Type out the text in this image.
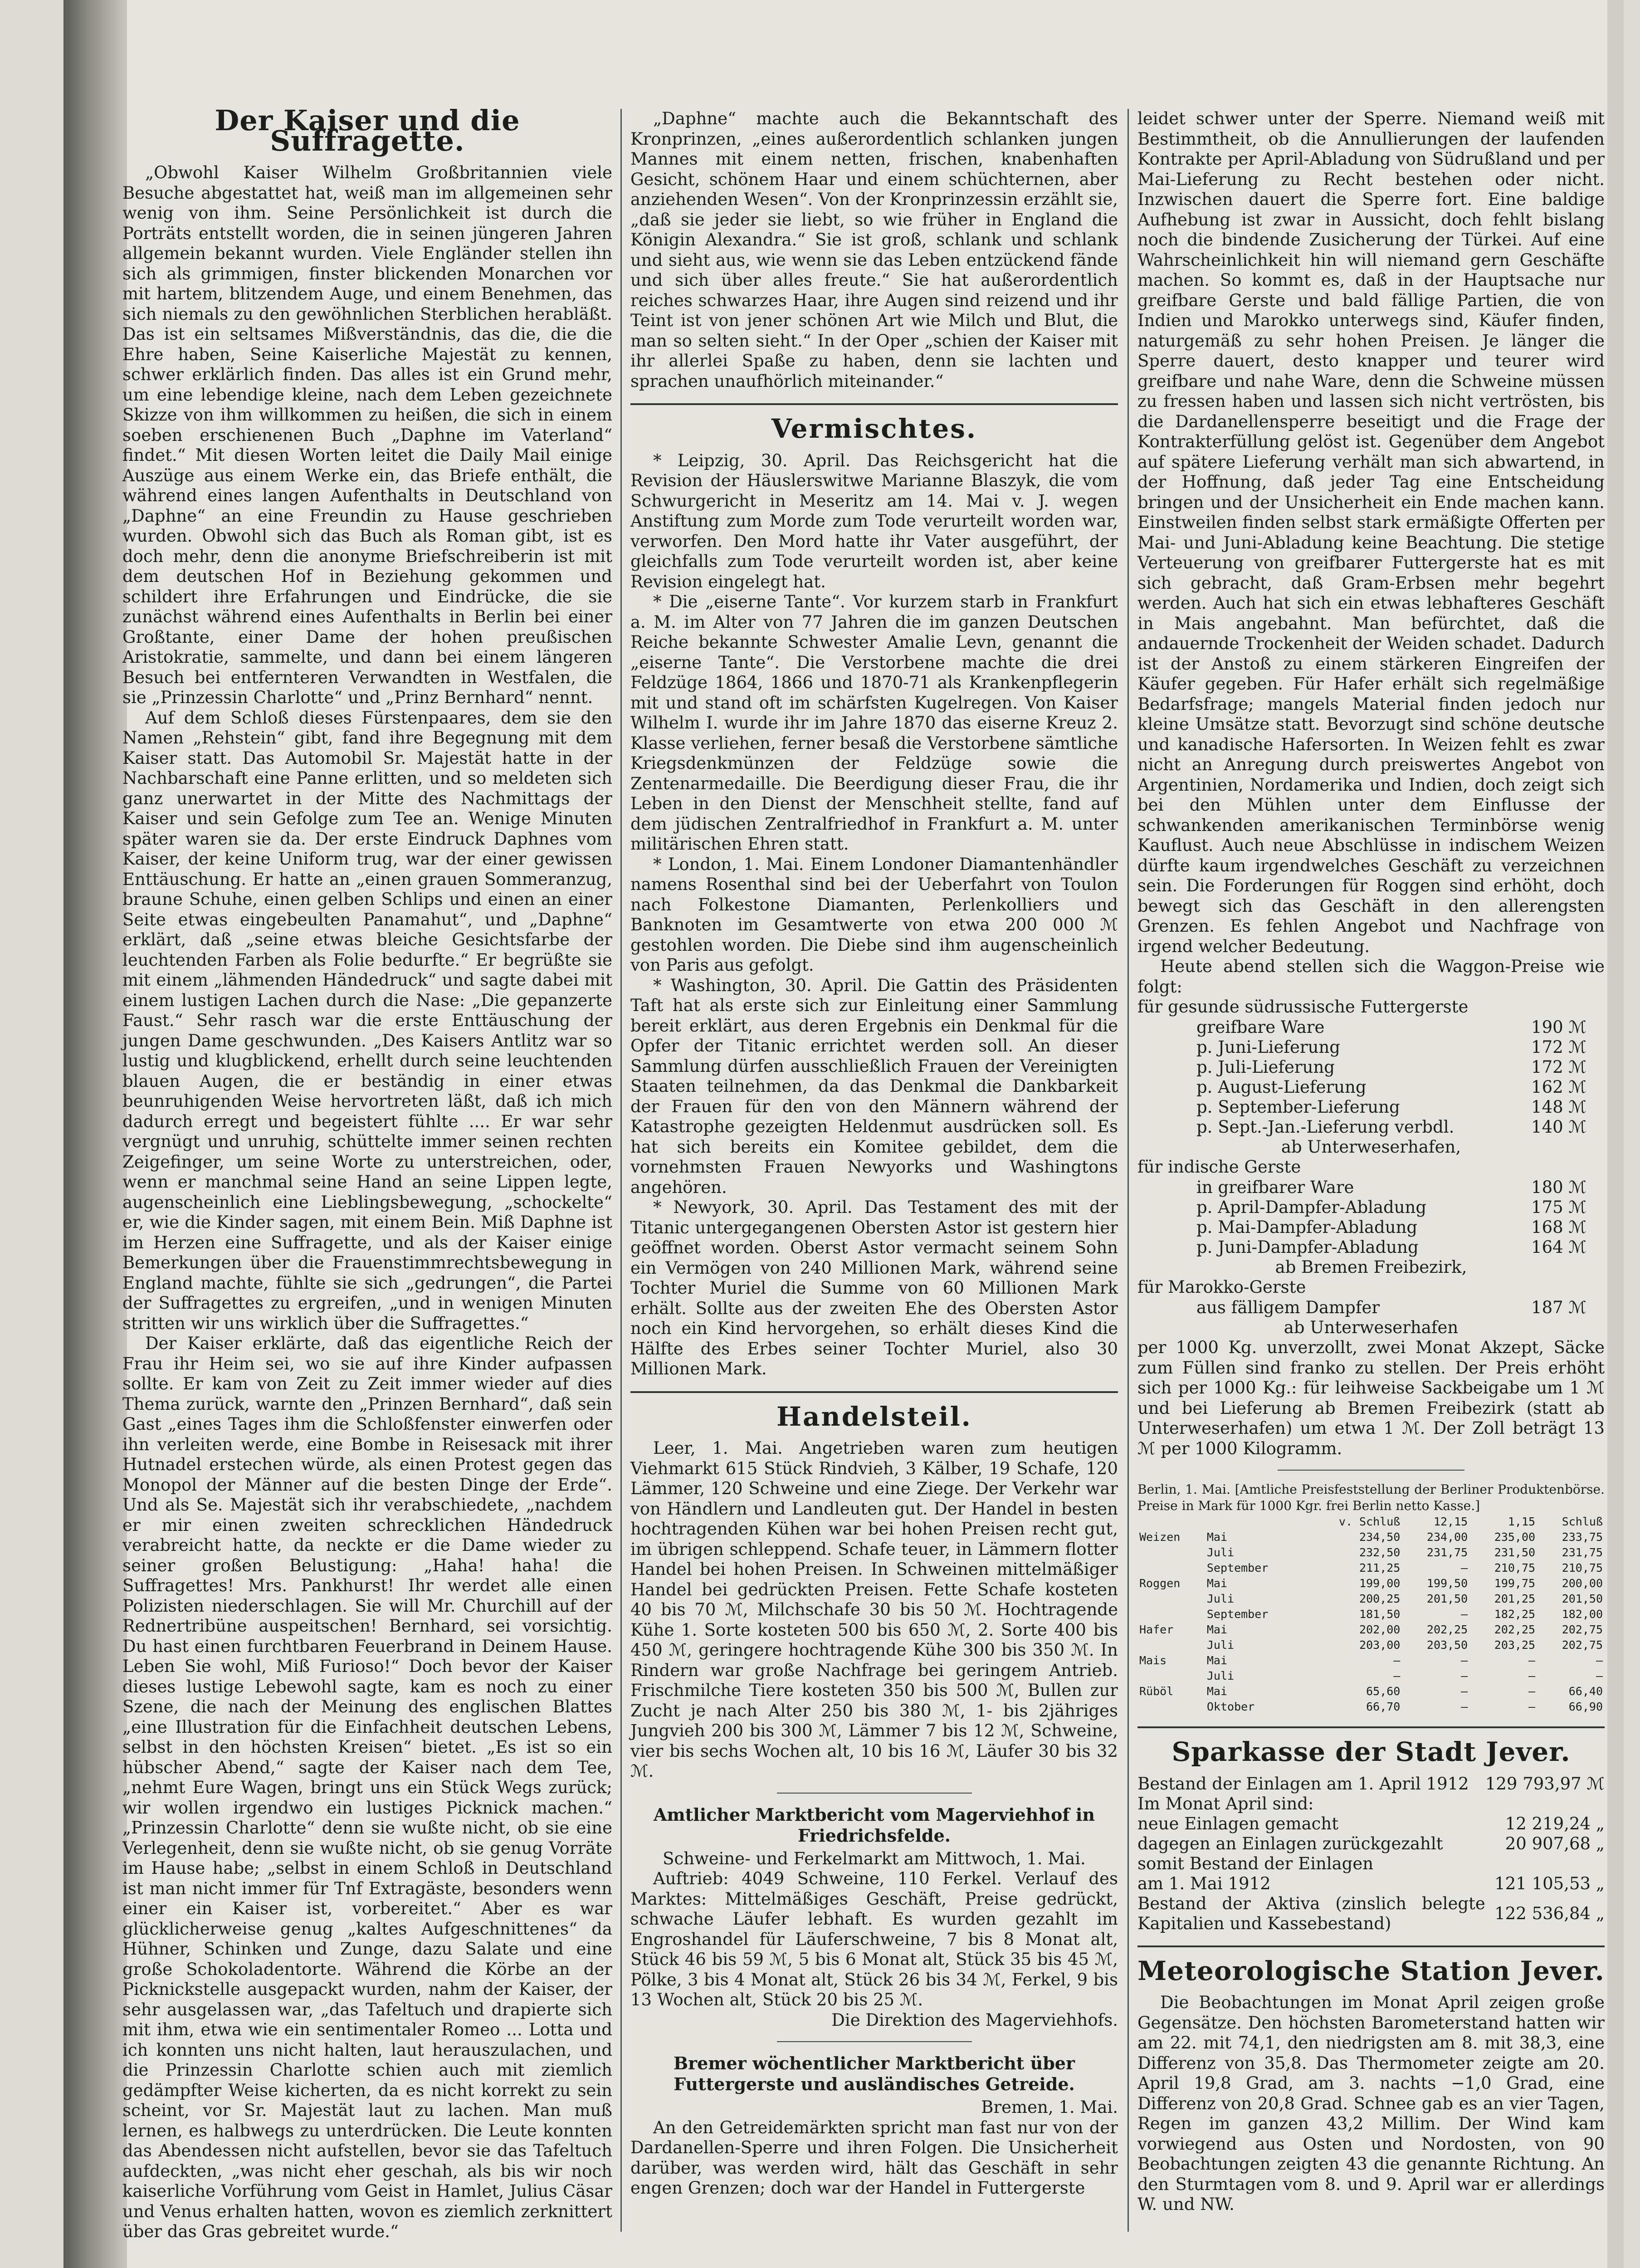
Der Kaiser und die Suffragette.

„Obwohl Kaiser Wilhelm Großbritannien viele Besuche abgestattet hat, weiß man im allgemeinen sehr wenig von ihm. Seine Persönlichkeit ist durch die Porträts entstellt worden, die in seinen jüngeren Jahren allgemein bekannt wurden. Viele Engländer stellen ihn sich als grimmigen, finster blickenden Monarchen vor mit hartem, blitzendem Auge, und einem Benehmen, das sich niemals zu den gewöhnlichen Sterblichen herabläßt. Das ist ein seltsames Mißverständnis, das die, die die Ehre haben, Seine Kaiserliche Majestät zu kennen, schwer erklärlich finden. Das alles ist ein Grund mehr, um eine lebendige kleine, nach dem Leben gezeichnete Skizze von ihm willkommen zu heißen, die sich in einem soeben erschienenen Buch „Daphne im Vaterland“ findet.“ Mit diesen Worten leitet die Daily Mail einige Auszüge aus einem Werke ein, das Briefe enthält, die während eines langen Aufenthalts in Deutschland von „Daphne“ an eine Freundin zu Hause geschrieben wurden. Obwohl sich das Buch als Roman gibt, ist es doch mehr, denn die anonyme Briefschreiberin ist mit dem deutschen Hof in Beziehung gekommen und schildert ihre Erfahrungen und Eindrücke, die sie zunächst während eines Aufenthalts in Berlin bei einer Großtante, einer Dame der hohen preußischen Aristokratie, sammelte, und dann bei einem längeren Besuch bei entfernteren Verwandten in Westfalen, die sie „Prinzessin Charlotte“ und „Prinz Bernhard“ nennt.

Auf dem Schloß dieses Fürstenpaares, dem sie den Namen „Rehstein“ gibt, fand ihre Begegnung mit dem Kaiser statt. Das Automobil Sr. Majestät hatte in der Nachbarschaft eine Panne erlitten, und so meldeten sich ganz unerwartet in der Mitte des Nachmittags der Kaiser und sein Gefolge zum Tee an. Wenige Minuten später waren sie da. Der erste Eindruck Daphnes vom Kaiser, der keine Uniform trug, war der einer gewissen Enttäuschung. Er hatte an „einen grauen Sommeranzug, braune Schuhe, einen gelben Schlips und einen an einer Seite etwas eingebeulten Panamahut“, und „Daphne“ erklärt, daß „seine etwas bleiche Gesichtsfarbe der leuchtenden Farben als Folie bedurfte.“ Er begrüßte sie mit einem „lähmenden Händedruck“ und sagte dabei mit einem lustigen Lachen durch die Nase: „Die gepanzerte Faust.“ Sehr rasch war die erste Enttäuschung der jungen Dame geschwunden. „Des Kaisers Antlitz war so lustig und klugblickend, erhellt durch seine leuchtenden blauen Augen, die er beständig in einer etwas beunruhigenden Weise hervortreten läßt, daß ich mich dadurch erregt und begeistert fühlte .... Er war sehr vergnügt und unruhig, schüttelte immer seinen rechten Zeigefinger, um seine Worte zu unterstreichen, oder, wenn er manchmal seine Hand an seine Lippen legte, augenscheinlich eine Lieblingsbewegung, „schockelte“ er, wie die Kinder sagen, mit einem Bein. Miß Daphne ist im Herzen eine Suffragette, und als der Kaiser einige Bemerkungen über die Frauenstimmrechtsbewegung in England machte, fühlte sie sich „gedrungen“, die Partei der Suffragettes zu ergreifen, „und in wenigen Minuten stritten wir uns wirklich über die Suffragettes.“

Der Kaiser erklärte, daß das eigentliche Reich der Frau ihr Heim sei, wo sie auf ihre Kinder aufpassen sollte. Er kam von Zeit zu Zeit immer wieder auf dies Thema zurück, warnte den „Prinzen Bernhard“, daß sein Gast „eines Tages ihm die Schloßfenster einwerfen oder ihn verleiten werde, eine Bombe in Reisesack mit ihrer Hutnadel erstechen würde, als einen Protest gegen das Monopol der Männer auf die besten Dinge der Erde“. Und als Se. Majestät sich ihr verabschiedete, „nachdem er mir einen zweiten schrecklichen Händedruck verabreicht hatte, da neckte er die Dame wieder zu seiner großen Belustigung: „Haha! haha! die Suffragettes! Mrs. Pankhurst! Ihr werdet alle einen Polizisten niederschlagen. Sie will Mr. Churchill auf der Rednertribüne auspeitschen! Bernhard, sei vorsichtig. Du hast einen furchtbaren Feuerbrand in Deinem Hause. Leben Sie wohl, Miß Furioso!“ Doch bevor der Kaiser dieses lustige Lebewohl sagte, kam es noch zu einer Szene, die nach der Meinung des englischen Blattes „eine Illustration für die Einfachheit deutschen Lebens, selbst in den höchsten Kreisen“ bietet. „Es ist so ein hübscher Abend,“ sagte der Kaiser nach dem Tee, „nehmt Eure Wagen, bringt uns ein Stück Wegs zurück; wir wollen irgendwo ein lustiges Picknick machen.“ „Prinzessin Charlotte“ denn sie wußte nicht, ob sie eine Verlegenheit, denn sie wußte nicht, ob sie genug Vorräte im Hause habe; „selbst in einem Schloß in Deutschland ist man nicht immer für Tnf Extragäste, besonders wenn einer ein Kaiser ist, vorbereitet.“ Aber es war glücklicherweise genug „kaltes Aufgeschnittenes“ da Hühner, Schinken und Zunge, dazu Salate und eine große Schokoladentorte. Während die Körbe an der Picknickstelle ausgepackt wurden, nahm der Kaiser, der sehr ausgelassen war, „das Tafeltuch und drapierte sich mit ihm, etwa wie ein sentimentaler Romeo ... Lotta und ich konnten uns nicht halten, laut herauszulachen, und die Prinzessin Charlotte schien auch mit ziemlich gedämpfter Weise kicherten, da es nicht korrekt zu sein scheint, vor Sr. Majestät laut zu lachen. Man muß lernen, es halbwegs zu unterdrücken. Die Leute konnten das Abendessen nicht aufstellen, bevor sie das Tafeltuch aufdeckten, „was nicht eher geschah, als bis wir noch kaiserliche Vorführung vom Geist in Hamlet, Julius Cäsar und Venus erhalten hatten, wovon es ziemlich zerknittert über das Gras gebreitet wurde.“

„Daphne“ machte auch die Bekanntschaft des Kronprinzen, „eines außerordentlich schlanken jungen Mannes mit einem netten, frischen, knabenhaften Gesicht, schönem Haar und einem schüchternen, aber anziehenden Wesen“. Von der Kronprinzessin erzählt sie, „daß sie jeder sie liebt, so wie früher in England die Königin Alexandra.“ Sie ist groß, schlank und schlank und sieht aus, wie wenn sie das Leben entzückend fände und sich über alles freute.“ Sie hat außerordentlich reiches schwarzes Haar, ihre Augen sind reizend und ihr Teint ist von jener schönen Art wie Milch und Blut, die man so selten sieht.“ In der Oper „schien der Kaiser mit ihr allerlei Spaße zu haben, denn sie lachten und sprachen unaufhörlich miteinander.“

Vermischtes.

* Leipzig, 30. April. Das Reichsgericht hat die Revision der Häuslerswitwe Marianne Blaszyk, die vom Schwurgericht in Meseritz am 14. Mai v. J. wegen Anstiftung zum Morde zum Tode verurteilt worden war, verworfen. Den Mord hatte ihr Vater ausgeführt, der gleichfalls zum Tode verurteilt worden ist, aber keine Revision eingelegt hat.

* Die „eiserne Tante“. Vor kurzem starb in Frankfurt a. M. im Alter von 77 Jahren die im ganzen Deutschen Reiche bekannte Schwester Amalie Levn, genannt die „eiserne Tante“. Die Verstorbene machte die drei Feldzüge 1864, 1866 und 1870-71 als Krankenpflegerin mit und stand oft im schärfsten Kugelregen. Von Kaiser Wilhelm I. wurde ihr im Jahre 1870 das eiserne Kreuz 2. Klasse verliehen, ferner besaß die Verstorbene sämtliche Kriegsdenkmünzen der Feldzüge sowie die Zentenarmedaille. Die Beerdigung dieser Frau, die ihr Leben in den Dienst der Menschheit stellte, fand auf dem jüdischen Zentralfriedhof in Frankfurt a. M. unter militärischen Ehren statt.

* London, 1. Mai. Einem Londoner Diamantenhändler namens Rosenthal sind bei der Ueberfahrt von Toulon nach Folkestone Diamanten, Perlenkolliers und Banknoten im Gesamtwerte von etwa 200 000 ℳ gestohlen worden. Die Diebe sind ihm augenscheinlich von Paris aus gefolgt.

* Washington, 30. April. Die Gattin des Präsidenten Taft hat als erste sich zur Einleitung einer Sammlung bereit erklärt, aus deren Ergebnis ein Denkmal für die Opfer der Titanic errichtet werden soll. An dieser Sammlung dürfen ausschließlich Frauen der Vereinigten Staaten teilnehmen, da das Denkmal die Dankbarkeit der Frauen für den von den Männern während der Katastrophe gezeigten Heldenmut ausdrücken soll. Es hat sich bereits ein Komitee gebildet, dem die vornehmsten Frauen Newyorks und Washingtons angehören.

* Newyork, 30. April. Das Testament des mit der Titanic untergegangenen Obersten Astor ist gestern hier geöffnet worden. Oberst Astor vermacht seinem Sohn ein Vermögen von 240 Millionen Mark, während seine Tochter Muriel die Summe von 60 Millionen Mark erhält. Sollte aus der zweiten Ehe des Obersten Astor noch ein Kind hervorgehen, so erhält dieses Kind die Hälfte des Erbes seiner Tochter Muriel, also 30 Millionen Mark.

Handelsteil.

Leer, 1. Mai. Angetrieben waren zum heutigen Viehmarkt 615 Stück Rindvieh, 3 Kälber, 19 Schafe, 120 Lämmer, 120 Schweine und eine Ziege. Der Verkehr war von Händlern und Landleuten gut. Der Handel in besten hochtragenden Kühen war bei hohen Preisen recht gut, im übrigen schleppend. Schafe teuer, in Lämmern flotter Handel bei hohen Preisen. In Schweinen mittelmäßiger Handel bei gedrückten Preisen. Fette Schafe kosteten 40 bis 70 ℳ, Milchschafe 30 bis 50 ℳ. Hochtragende Kühe 1. Sorte kosteten 500 bis 650 ℳ, 2. Sorte 400 bis 450 ℳ, geringere hochtragende Kühe 300 bis 350 ℳ. In Rindern war große Nachfrage bei geringem Antrieb. Frischmilche Tiere kosteten 350 bis 500 ℳ, Bullen zur Zucht je nach Alter 250 bis 380 ℳ, 1- bis 2jähriges Jungvieh 200 bis 300 ℳ, Lämmer 7 bis 12 ℳ, Schweine, vier bis sechs Wochen alt, 10 bis 16 ℳ, Läufer 30 bis 32 ℳ.

Amtlicher Marktbericht vom Magerviehhof in Friedrichsfelde.
Schweine- und Ferkelmarkt am Mittwoch, 1. Mai.

Auftrieb: 4049 Schweine, 110 Ferkel. Verlauf des Marktes: Mittelmäßiges Geschäft, Preise gedrückt, schwache Läufer lebhaft. Es wurden gezahlt im Engroshandel für Läuferschweine, 7 bis 8 Monat alt, Stück 46 bis 59 ℳ, 5 bis 6 Monat alt, Stück 35 bis 45 ℳ, Pölke, 3 bis 4 Monat alt, Stück 26 bis 34 ℳ, Ferkel, 9 bis 13 Wochen alt, Stück 20 bis 25 ℳ.

Die Direktion des Magerviehhofs.
Bremer wöchentlicher Marktbericht über Futtergerste und ausländisches Getreide.
Bremen, 1. Mai.

An den Getreidemärkten spricht man fast nur von der Dardanellen-Sperre und ihren Folgen. Die Unsicherheit darüber, was werden wird, hält das Geschäft in sehr engen Grenzen; doch war der Handel in Futtergerste

leidet schwer unter der Sperre. Niemand weiß mit Bestimmtheit, ob die Annullierungen der laufenden Kontrakte per April-Abladung von Südrußland und per Mai-Lieferung zu Recht bestehen oder nicht. Inzwischen dauert die Sperre fort. Eine baldige Aufhebung ist zwar in Aussicht, doch fehlt bislang noch die bindende Zusicherung der Türkei. Auf eine Wahrscheinlichkeit hin will niemand gern Geschäfte machen. So kommt es, daß in der Hauptsache nur greifbare Gerste und bald fällige Partien, die von Indien und Marokko unterwegs sind, Käufer finden, naturgemäß zu sehr hohen Preisen. Je länger die Sperre dauert, desto knapper und teurer wird greifbare und nahe Ware, denn die Schweine müssen zu fressen haben und lassen sich nicht vertrösten, bis die Dardanellensperre beseitigt und die Frage der Kontrakterfüllung gelöst ist. Gegenüber dem Angebot auf spätere Lieferung verhält man sich abwartend, in der Hoffnung, daß jeder Tag eine Entscheidung bringen und der Unsicherheit ein Ende machen kann. Einstweilen finden selbst stark ermäßigte Offerten per Mai- und Juni-Abladung keine Beachtung. Die stetige Verteuerung von greifbarer Futtergerste hat es mit sich gebracht, daß Gram-Erbsen mehr begehrt werden. Auch hat sich ein etwas lebhafteres Geschäft in Mais angebahnt. Man befürchtet, daß die andauernde Trockenheit der Weiden schadet. Dadurch ist der Anstoß zu einem stärkeren Eingreifen der Käufer gegeben. Für Hafer erhält sich regelmäßige Bedarfsfrage; mangels Material finden jedoch nur kleine Umsätze statt. Bevorzugt sind schöne deutsche und kanadische Hafersorten. In Weizen fehlt es zwar nicht an Anregung durch preiswertes Angebot von Argentinien, Nordamerika und Indien, doch zeigt sich bei den Mühlen unter dem Einflusse der schwankenden amerikanischen Terminbörse wenig Kauflust. Auch neue Abschlüsse in indischem Weizen dürfte kaum irgendwelches Geschäft zu verzeichnen sein. Die Forderungen für Roggen sind erhöht, doch bewegt sich das Geschäft in den allerengsten Grenzen. Es fehlen Angebot und Nachfrage von irgend welcher Bedeutung.

Heute abend stellen sich die Waggon-Preise wie folgt:

für gesunde südrussische Futtergerste
greifbare Ware	190 ℳ
p. Juni-Lieferung	172 ℳ
p. Juli-Lieferung	172 ℳ
p. August-Lieferung	162 ℳ
p. September-Lieferung	148 ℳ
p. Sept.-Jan.-Lieferung verbdl.	140 ℳ
ab Unterweserhafen,
für indische Gerste
in greifbarer Ware	180 ℳ
p. April-Dampfer-Abladung	175 ℳ
p. Mai-Dampfer-Abladung	168 ℳ
p. Juni-Dampfer-Abladung	164 ℳ
ab Bremen Freibezirk,
für Marokko-Gerste
aus fälligem Dampfer	187 ℳ
ab Unterweserhafen

per 1000 Kg. unverzollt, zwei Monat Akzept, Säcke zum Füllen sind franko zu stellen. Der Preis erhöht sich per 1000 Kg.: für leihweise Sackbeigabe um 1 ℳ und bei Lieferung ab Bremen Freibezirk (statt ab Unterweserhafen) um etwa 1 ℳ. Der Zoll beträgt 13 ℳ per 1000 Kilogramm.

Berlin, 1. Mai. [Amtliche Preisfeststellung der Berliner Produktenbörse. Preise in Mark für 1000 Kgr. frei Berlin netto Kasse.]
		v. Schluß	12,15	1,15	Schluß
Weizen	Mai	234,50	234,00	235,00	233,75
	Juli	232,50	231,75	231,50	231,75
	September	211,25	—	210,75	210,75
Roggen	Mai	199,00	199,50	199,75	200,00
	Juli	200,25	201,50	201,25	201,50
	September	181,50	—	182,25	182,00
Hafer	Mai	202,00	202,25	202,25	202,75
	Juli	203,00	203,50	203,25	202,75
Mais	Mai	—	—	—	—
	Juli	—	—	—	—
Rüböl	Mai	65,60	—	—	66,40
	Oktober	66,70	—	—	66,90
Sparkasse der Stadt Jever.
Bestand der Einlagen am 1. April 1912	129 793,97 ℳ
Im Monat April sind:	
neue Einlagen gemacht	12 219,24 „
dagegen an Einlagen zurückgezahlt	20 907,68 „
somit Bestand der Einlagen	
am 1. Mai 1912	121 105,53 „
Bestand der Aktiva (zinslich belegte Kapitalien und Kassebestand)	122 536,84 „
Meteorologische Station Jever.

Die Beobachtungen im Monat April zeigen große Gegensätze. Den höchsten Barometerstand hatten wir am 22. mit 74,1, den niedrigsten am 8. mit 38,3, eine Differenz von 35,8. Das Thermometer zeigte am 20. April 19,8 Grad, am 3. nachts −1,0 Grad, eine Differenz von 20,8 Grad. Schnee gab es an vier Tagen, Regen im ganzen 43,2 Millim. Der Wind kam vorwiegend aus Osten und Nordosten, von 90 Beobachtungen zeigten 43 die genannte Richtung. An den Sturmtagen vom 8. und 9. April war er allerdings W. und NW.
